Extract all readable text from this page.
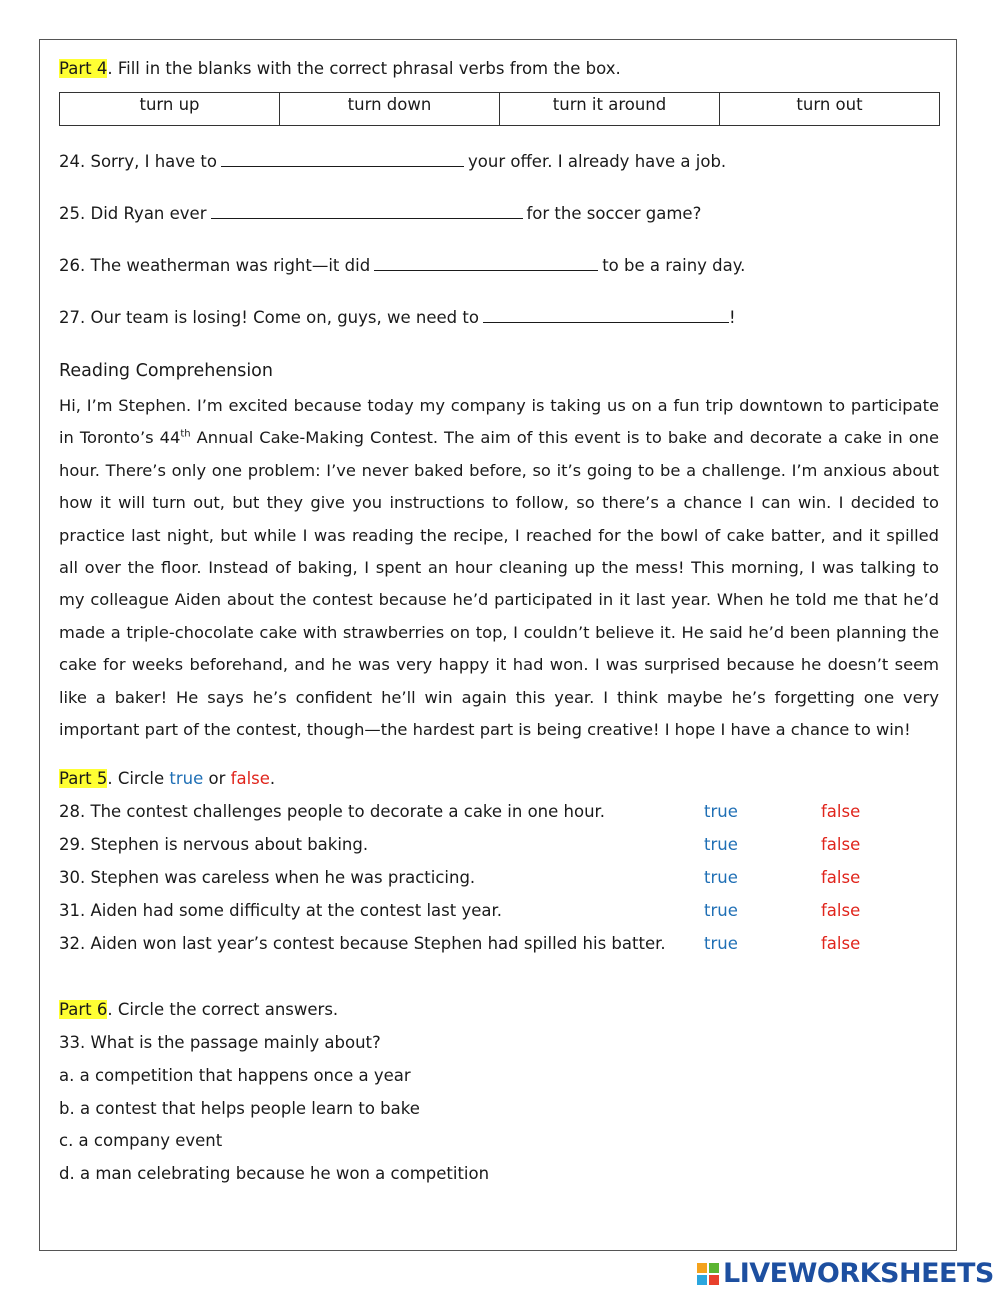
Part 4. Fill in the blanks with the correct phrasal verbs from the box.
turn up	turn down	turn it around	turn out
24. Sorry, I have to	your offer. I already have a job.
25. Did Ryan ever	for the soccer game?
26. The weatherman was right—it did	to be a rainy day.
27. Our team is losing! Come on, guys, we need to	!
Reading Comprehension
Hi, I’m Stephen. I’m excited because today my company is taking us on a fun trip downtown to participate in Toronto’s 44th Annual Cake-Making Contest. The aim of this event is to bake and decorate a cake in one hour. There’s only one problem: I’ve never baked before, so it’s going to be a challenge. I’m anxious about how it will turn out, but they give you instructions to follow, so there’s a chance I can win. I decided to practice last night, but while I was reading the recipe, I reached for the bowl of cake batter, and it spilled all over the floor. Instead of baking, I spent an hour cleaning up the mess! This morning, I was talking to my colleague Aiden about the contest because he’d participated in it last year. When he told me that he’d made a triple-chocolate cake with strawberries on top, I couldn’t believe it. He said he’d been planning the cake for weeks beforehand, and he was very happy it had won. I was surprised because he doesn’t seem like a baker! He says he’s confident he’ll win again this year. I think maybe he’s forgetting one very important part of the contest, though—the hardest part is being creative! I hope I have a chance to win!
Part 5. Circle true or false.
28. The contest challenges people to decorate a cake in one hour.	true	false
29. Stephen is nervous about baking.	true	false
30. Stephen was careless when he was practicing.	true	false
31. Aiden had some difficulty at the contest last year.	true	false
32. Aiden won last year’s contest because Stephen had spilled his batter. true	false
Part 6. Circle the correct answers.
33. What is the passage mainly about?
a. a competition that happens once a year
b. a contest that helps people learn to bake
c. a company event
d. a man celebrating because he won a competition
LIVEWORKSHEETS
